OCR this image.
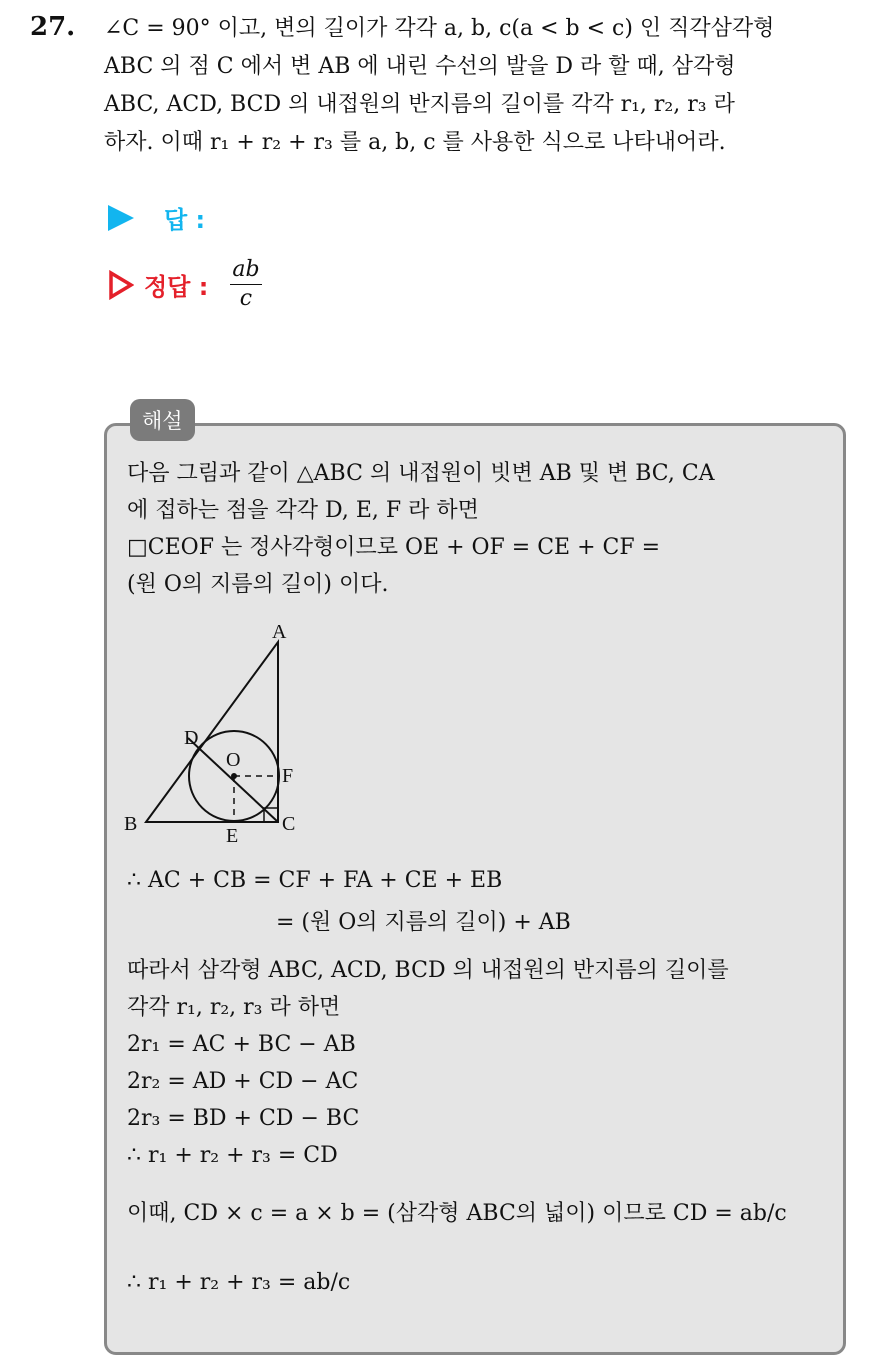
27. ∠C = 90° 이고, 변의 길이가 각각 a, b, c(a < b < c) 인 직각삼각형
ABC 의 점 C 에서 변 AB 에 내린 수선의 발을 D 라 할 때, 삼각형
ABC, ACD, BCD 의 내접원의 반지름의 길이를 각각 r₁, r₂, r₃ 라
하자. 이때 r₁ + r₂ + r₃ 를 a, b, c 를 사용한 식으로 나타내어라.
답 :
정답 : $\frac{ab}{c}$
해설
다음 그림과 같이 △ABC 의 내접원이 빗변 AB 및 변 BC, CA
에 접하는 점을 각각 D, E, F 라 하면
□CEOF 는 정사각형이므로 OE + OF = CE + CF =
(원 O의 지름의 길이) 이다.
A
B	C
D
E
F
O
∴ AC + CB = CF + FA + CE + EB
= (원 O의 지름의 길이) + AB
따라서 삼각형 ABC, ACD, BCD 의 내접원의 반지름의 길이를
각각 r₁, r₂, r₃ 라 하면
2r₁ = AC + BC − AB
2r₂ = AD + CD − AC
2r₃ = BD + CD − BC
∴ r₁ + r₂ + r₃ = CD
이때, CD × c = a × b = (삼각형 ABC의 넓이) 이므로 CD = ab/c
∴ r₁ + r₂ + r₃ = ab/c
